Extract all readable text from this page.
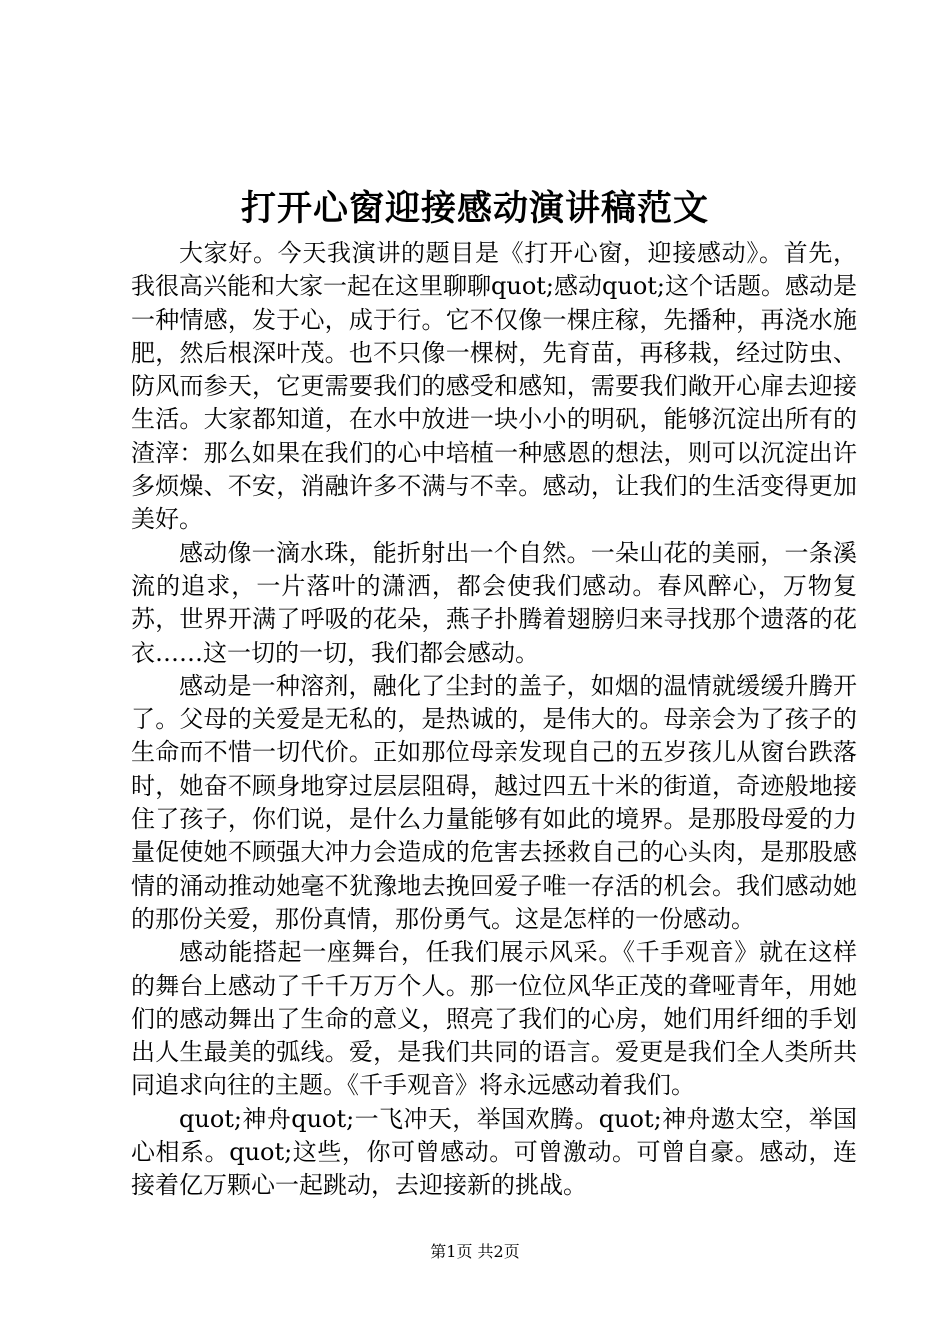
打开心窗迎接感动演讲稿范文

大家好。今天我演讲的题目是《打开心窗，迎接感动》。首先，我很高兴能和大家一起在这里聊聊quot;感动quot;这个话题。感动是一种情感，发于心，成于行。它不仅像一棵庄稼，先播种，再浇水施肥，然后根深叶茂。也不只像一棵树，先育苗，再移栽，经过防虫、防风而参天，它更需要我们的感受和感知，需要我们敞开心扉去迎接生活。大家都知道，在水中放进一块小小的明矾，能够沉淀出所有的渣滓：那么如果在我们的心中培植一种感恩的想法，则可以沉淀出许多烦燥、不安，消融许多不满与不幸。感动，让我们的生活变得更加美好。

感动像一滴水珠，能折射出一个自然。一朵山花的美丽，一条溪流的追求，一片落叶的潇洒，都会使我们感动。春风醉心，万物复苏，世界开满了呼吸的花朵，燕子扑腾着翅膀归来寻找那个遗落的花衣……这一切的一切，我们都会感动。

感动是一种溶剂，融化了尘封的盖子，如烟的温情就缓缓升腾开了。父母的关爱是无私的，是热诚的，是伟大的。母亲会为了孩子的生命而不惜一切代价。正如那位母亲发现自己的五岁孩儿从窗台跌落时，她奋不顾身地穿过层层阻碍，越过四五十米的街道，奇迹般地接住了孩子，你们说，是什么力量能够有如此的境界。是那股母爱的力量促使她不顾强大冲力会造成的危害去拯救自己的心头肉，是那股感情的涌动推动她毫不犹豫地去挽回爱子唯一存活的机会。我们感动她的那份关爱，那份真情，那份勇气。这是怎样的一份感动。

感动能搭起一座舞台，任我们展示风采。《千手观音》就在这样的舞台上感动了千千万万个人。那一位位风华正茂的聋哑青年，用她们的感动舞出了生命的意义，照亮了我们的心房，她们用纤细的手划出人生最美的弧线。爱，是我们共同的语言。爱更是我们全人类所共同追求向往的主题。《千手观音》将永远感动着我们。

quot;神舟quot;一飞冲天，举国欢腾。quot;神舟遨太空，举国心相系。quot;这些，你可曾感动。可曾激动。可曾自豪。感动，连接着亿万颗心一起跳动，去迎接新的挑战。

第1页 共2页
